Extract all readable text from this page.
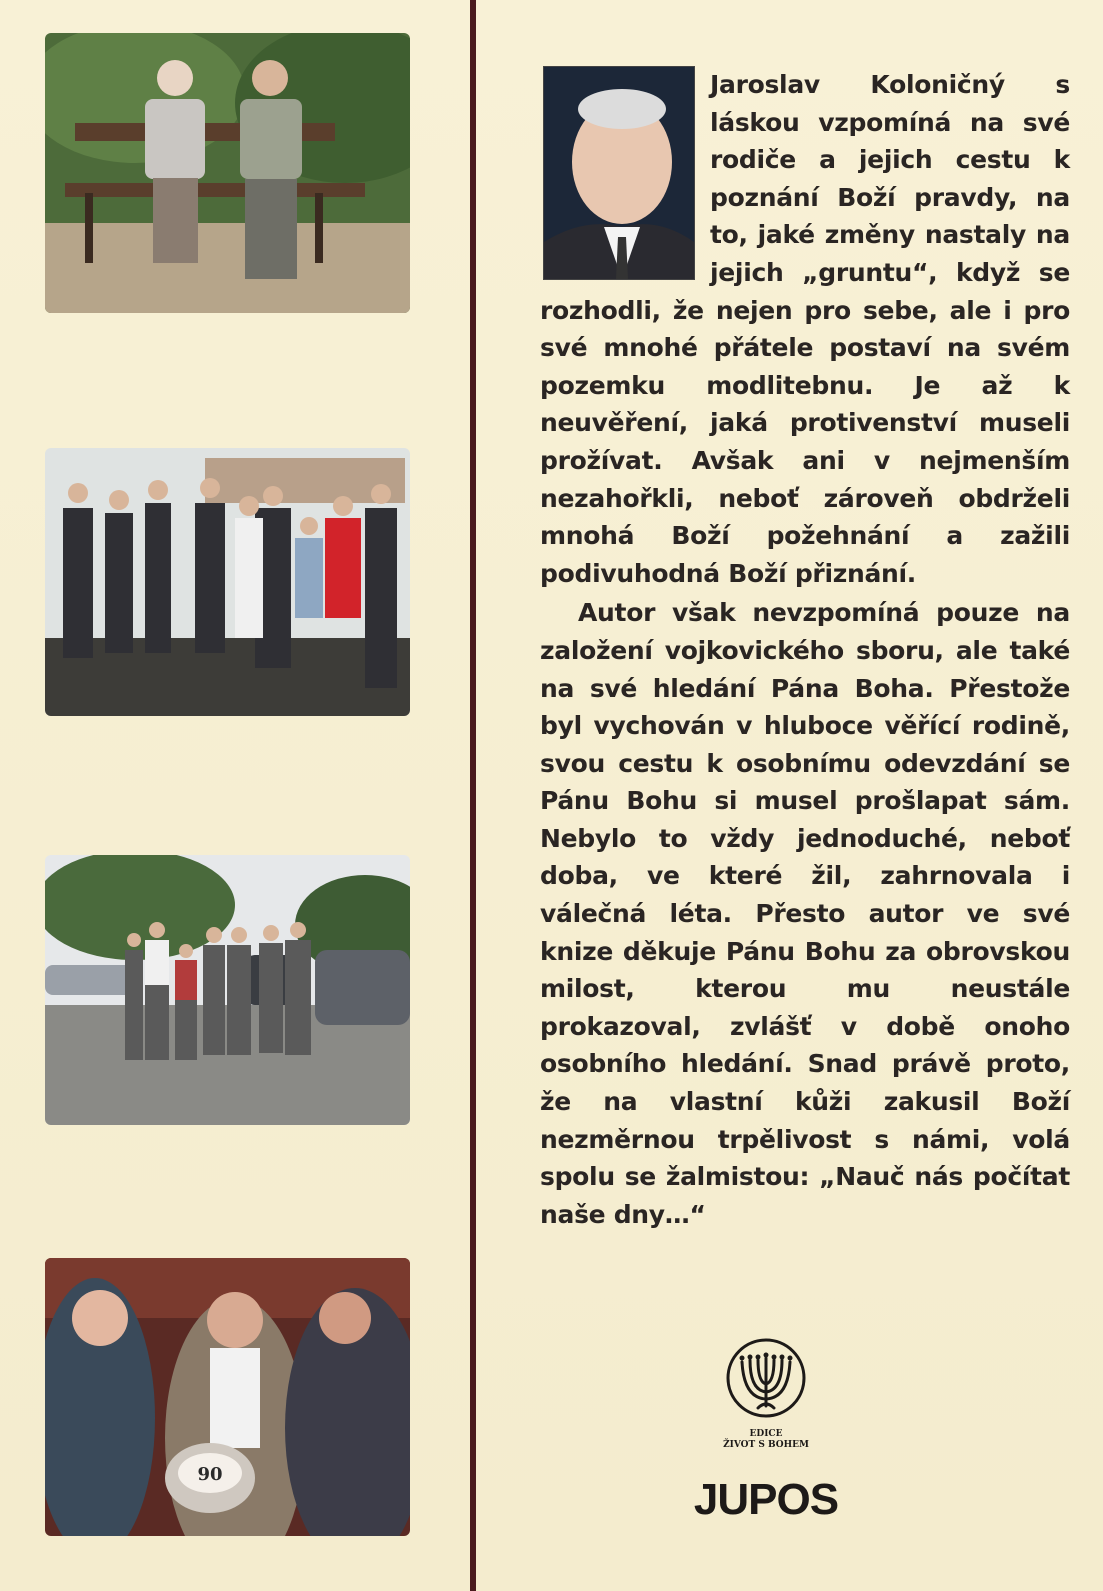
90

Jaroslav Koloničný s láskou vzpomíná na své rodiče a jejich cestu k poznání Boží pravdy, na to, jaké změny nastaly na jejich „gruntu“, když se rozhodli, že nejen pro sebe, ale i pro své mnohé přátele postaví na svém pozemku modlitebnu. Je až k neuvěření, jaká protivenství museli prožívat. Avšak ani v nejmenším nezahořkli, neboť zároveň obdrželi mnohá Boží požehnání a zažili podivuhodná Boží přiznání.

Autor však nevzpomíná pouze na založení vojkovického sboru, ale také na své hledání Pána Boha. Přestože byl vychován v hluboce věřící rodině, svou cestu k osobnímu odevzdání se Pánu Bohu si musel prošlapat sám. Nebylo to vždy jednoduché, neboť doba, ve které žil, zahrnovala i válečná léta. Přesto autor ve své knize děkuje Pánu Bohu za obrovskou milost, kterou mu neustále prokazoval, zvlášť v době onoho osobního hledání. Snad právě proto, že na vlastní kůži zakusil Boží nezměrnou trpělivost s námi, volá spolu se žalmistou: „Nauč nás počítat naše dny…“

EDICE
ŽIVOT S BOHEM
JUPOS
